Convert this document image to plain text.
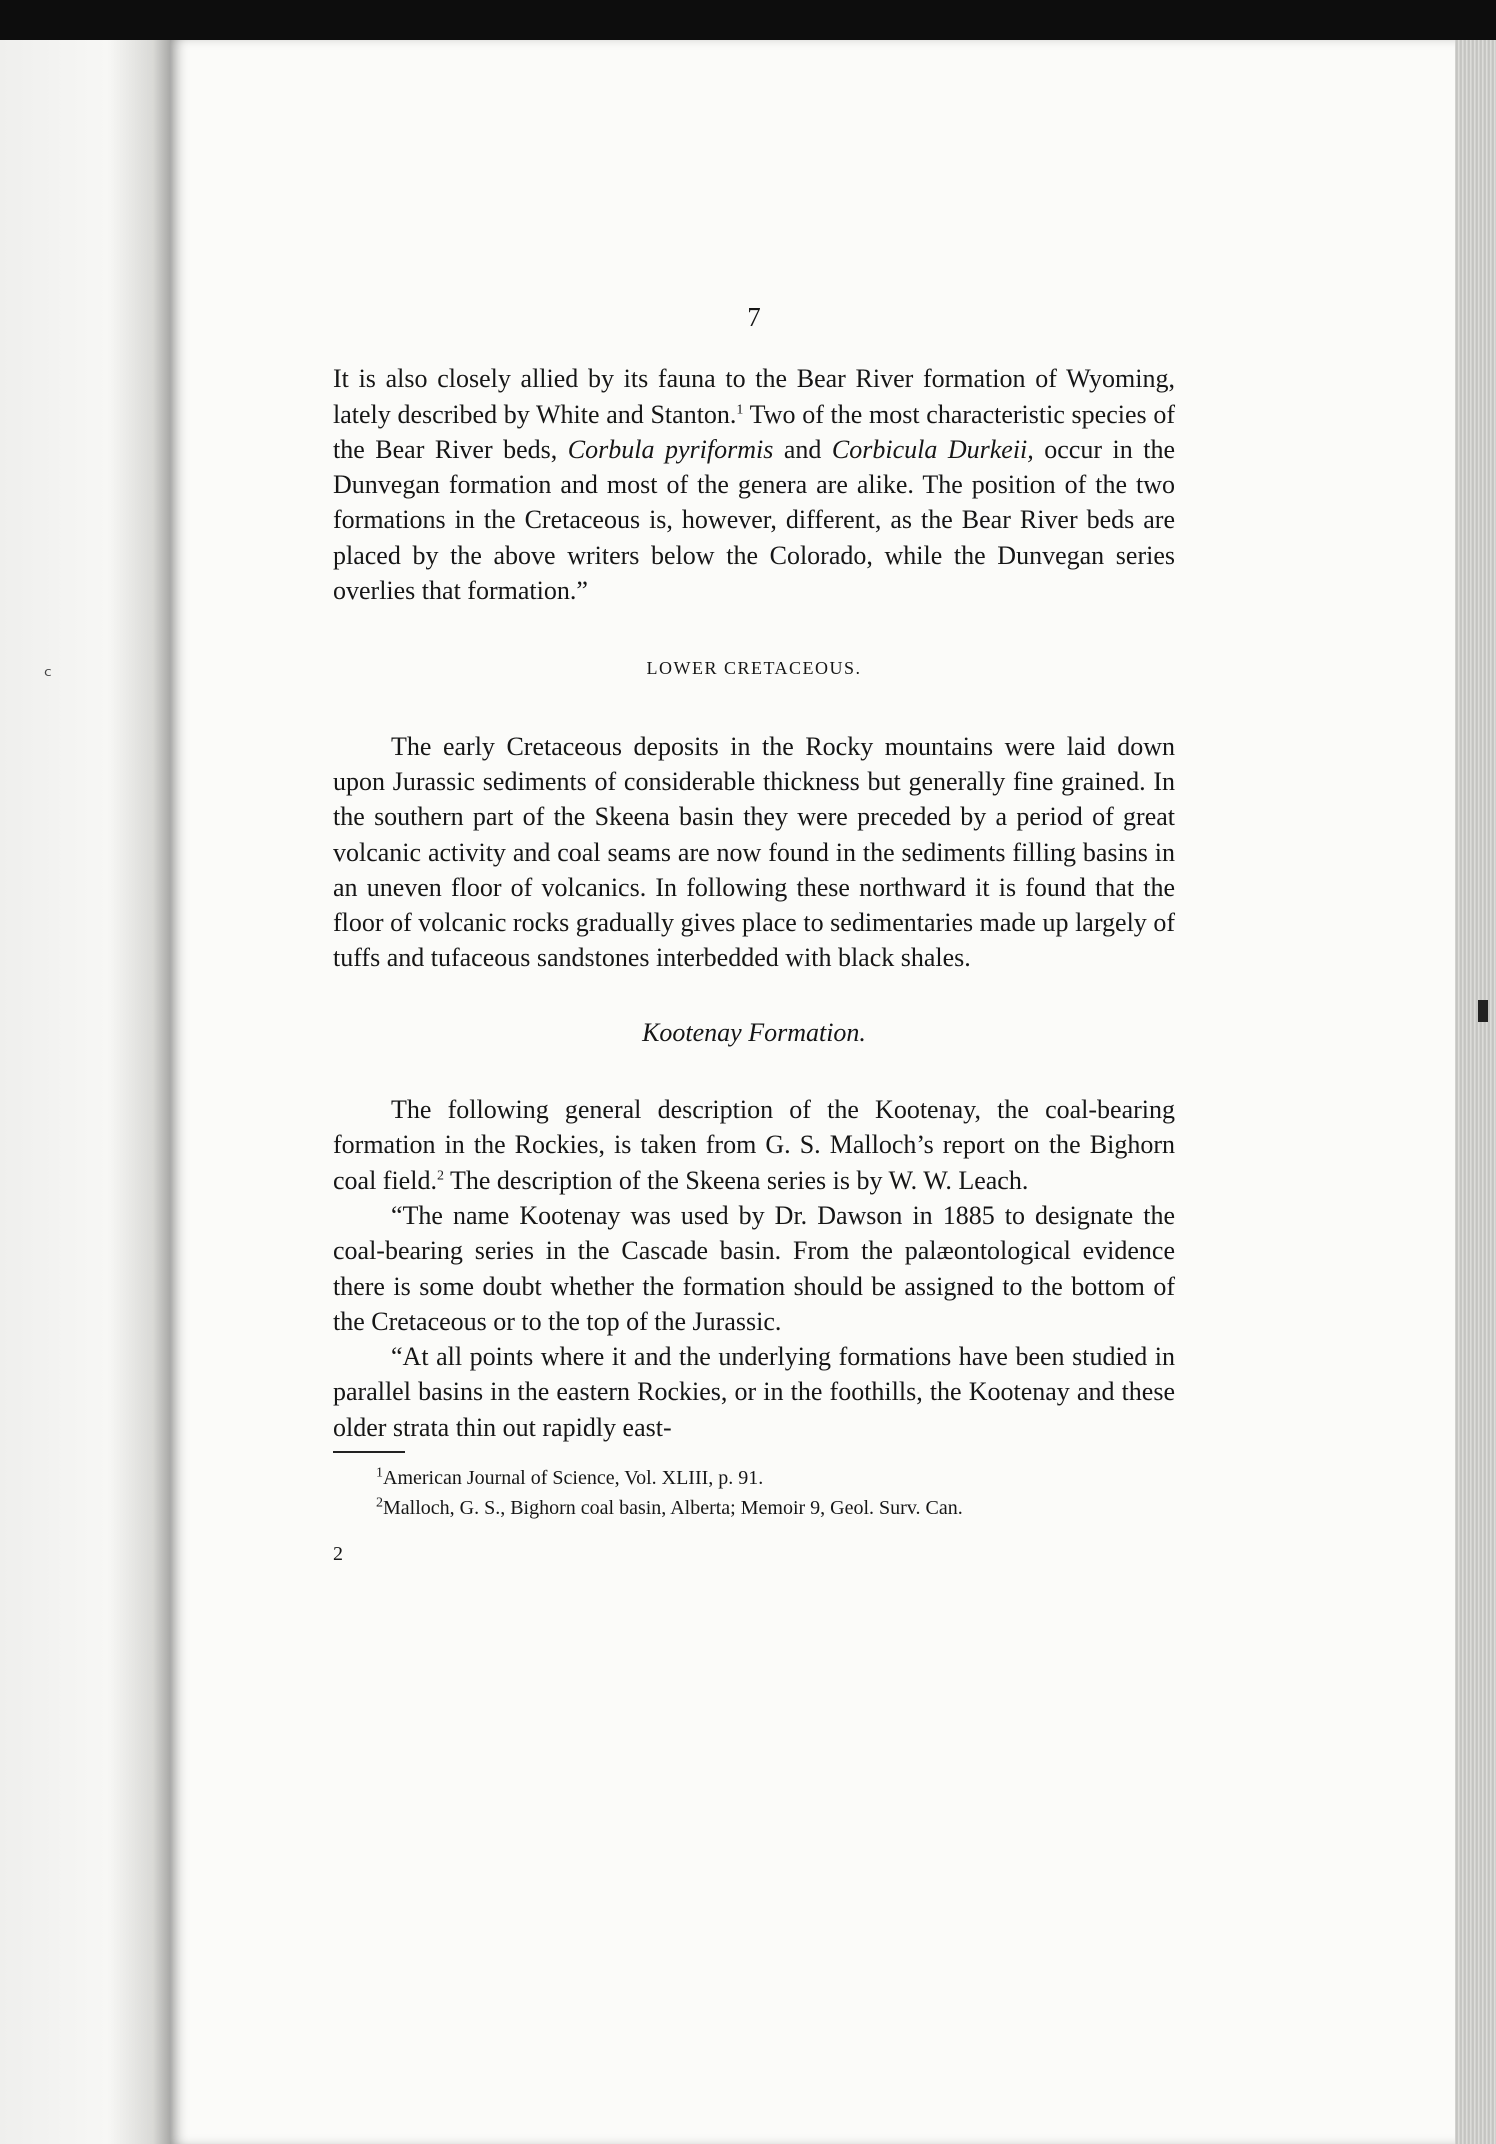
ᶜ
7

It is also closely allied by its fauna to the Bear River formation of Wyoming, lately described by White and Stanton.$^1$ Two of the most characteristic species of the Bear River beds, Corbula pyriformis and Corbicula Durkeii, occur in the Dunvegan formation and most of the genera are alike. The position of the two formations in the Cretaceous is, however, different, as the Bear River beds are placed by the above writers below the Colorado, while the Dunvegan series overlies that formation.”

LOWER CRETACEOUS.

The early Cretaceous deposits in the Rocky mountains were laid down upon Jurassic sediments of considerable thickness but generally fine grained. In the southern part of the Skeena basin they were preceded by a period of great volcanic activity and coal seams are now found in the sediments filling basins in an uneven floor of volcanics. In following these northward it is found that the floor of volcanic rocks gradually gives place to sedimentaries made up largely of tuffs and tufaceous sandstones interbedded with black shales.

Kootenay Formation.

The following general description of the Kootenay, the coal-bearing formation in the Rockies, is taken from G. S. Malloch’s report on the Bighorn coal field.$^2$ The description of the Skeena series is by W. W. Leach.

“The name Kootenay was used by Dr. Dawson in 1885 to designate the coal-bearing series in the Cascade basin. From the palæontological evidence there is some doubt whether the formation should be assigned to the bottom of the Cretaceous or to the top of the Jurassic.

“At all points where it and the underlying formations have been studied in parallel basins in the eastern Rockies, or in the foothills, the Kootenay and these older strata thin out rapidly east-

$^1$American Journal of Science, Vol. XLIII, p. 91.

$^2$Malloch, G. S., Bighorn coal basin, Alberta; Memoir 9, Geol. Surv. Can.

2
